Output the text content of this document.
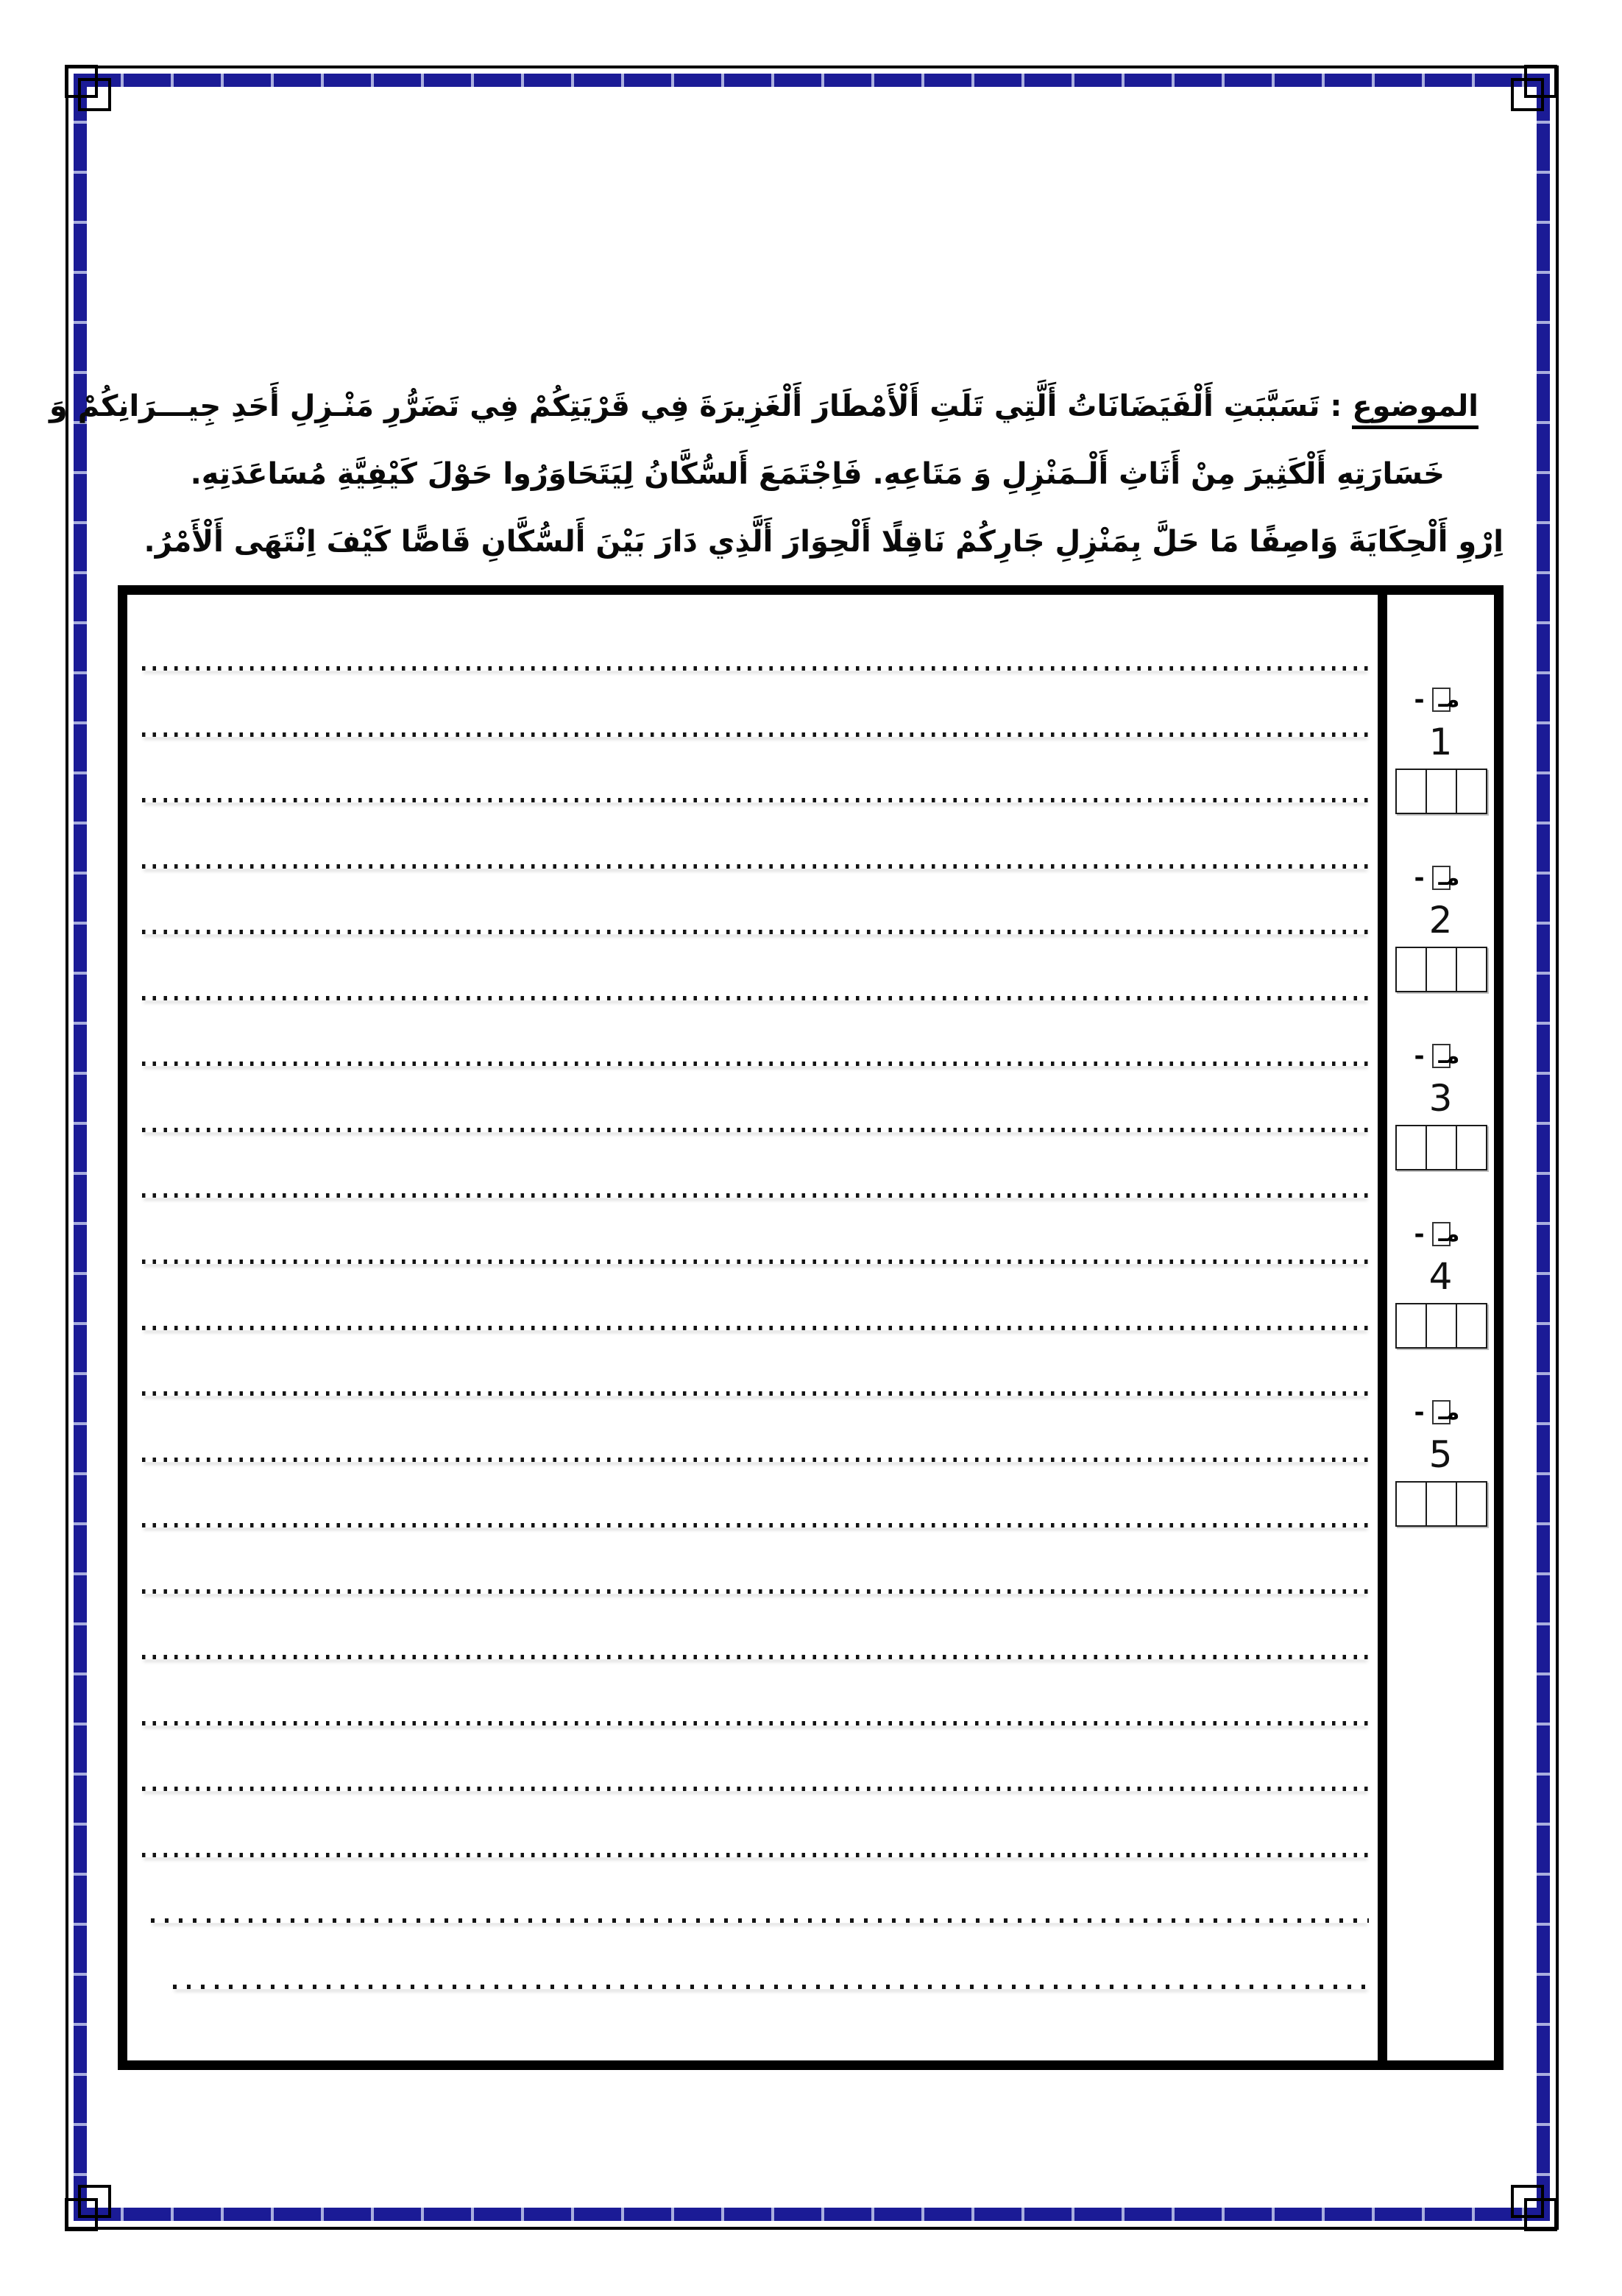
الموضوع : تَسَبَّبَتِ أَلْفَيَضَانَاتُ أَلَّتِي تَلَتِ أَلْأَمْطَارَ أَلْغَزِيرَةَ فِي قَرْيَتِكُمْ فِي تَضَرُّرِ مَنْـزِلِ أَحَدِ جِيـــرَانِكُمْ وَ

خَسَارَتِهِ أَلْكَثِيرَ مِنْ أَثَاثِ أَلْـمَنْزِلِ وَ مَتَاعِهِ. فَاِجْتَمَعَ أَلسُّكَّانُ لِيَتَحَاوَرُوا حَوْلَ كَيْفِيَّةِ مُسَاعَدَتِهِ.

اِرْوِ أَلْحِكَايَةَ وَاصِفًا مَا حَلَّ بِمَنْزِلِ جَارِكُمْ نَاقِلًا أَلْحِوَارَ أَلَّذِي دَارَ بَيْنَ أَلسُّكَّانِ قَاصًّا كَيْفَ اِنْتَهَى أَلْأَمْرُ.

- مـ
1
- مـ
2
- مـ
3
- مـ
4
- مـ
5
